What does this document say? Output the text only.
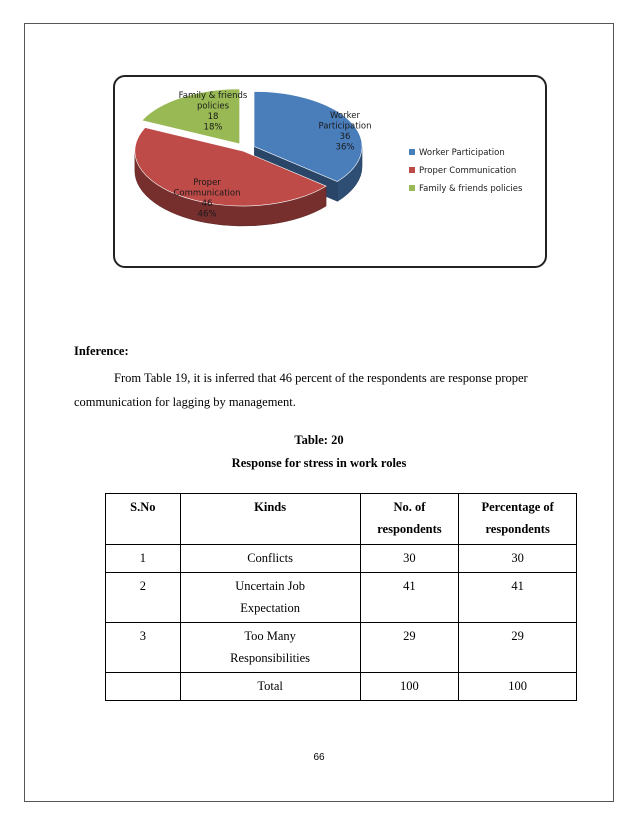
Worker Participation 36 36%
Proper Communication 46 46%
Family & friends policies 18 18%
Worker Participation
Proper Communication
Family & friends policies
Inference:
From Table 19, it is inferred that 46 percent of the respondents are response proper communication for lagging by management.
Table: 20
Response for stress in work roles
S.No	Kinds	No. of respondents	Percentage of respondents
1	Conflicts	30	30
2	Uncertain Job Expectation	41	41
3	Too Many Responsibilities	29	29
	Total	100	100
66
